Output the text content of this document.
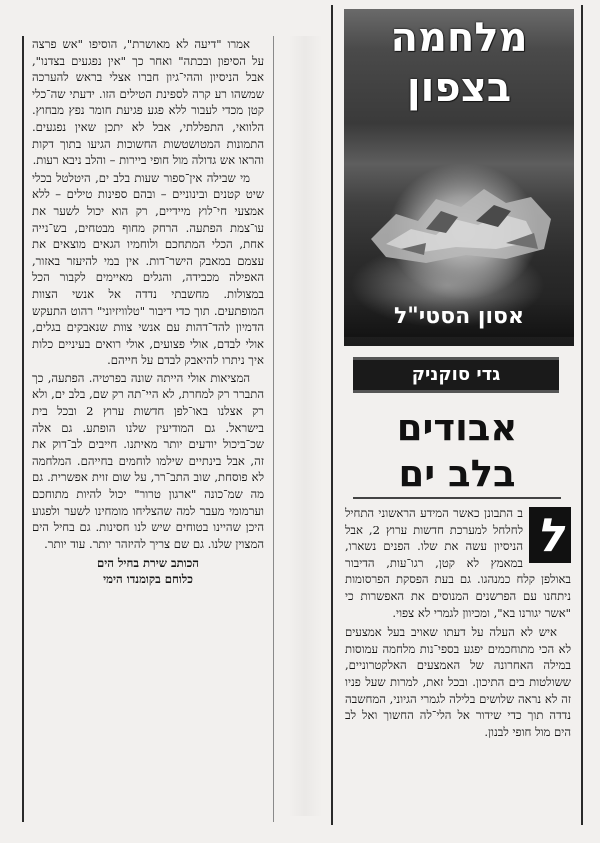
אמרו "דיעה לא מאושרת", הוסיפו "אש פרצה על הסיפון ובכתה" ואחר כך "אין נפגעים בצדנו", אבל הניסיון וההי־גיון חברו אצלי בראש להערכה שמשהו רע קרה לספינת הטילים הזו. ידעתי שה־כלי קטן מכדי לעבור ללא פגע פגיעת חומר נפץ מבחוץ. הלוואי, התפללתי, אבל לא יתכן שאין נפגעים. התמונות המטושטשות החשוכות הגיעו בתוך דקות והראו אש גדולה מול חופי ביירות – והלב ניבא רעות.

מי שבילה אין־ספור שעות בלב ים, היטלטל בכלי שיט קטנים ובינוניים – ובהם ספינות טילים – ללא אמצעי חי־לוץ מיידיים, רק הוא יכול לשער את עו־צמת הפתעה. הרחק מחוף מבטחים, בש־נייה אחת, הכלי המתחכם ולוחמיו הגאים מוצאים את עצמם במאבק הישר־דות. אין במי להיעזר באזור, האפילה מכבידה, והגלים מאיימים לקבור הכל במצולות. מחשבתי נדדה אל אנשי הצוות המופתעים. תוך כדי דיבור "טלוויזיוני" רהוט התעקש הדמיון להד־דהות עם אנשי צוות שנאבקים בגלים, אולי לבדם, אולי פצועים, אולי רואים בעיניים כלות איך ניתרו להיאבק לבדם על חייהם.

המציאות אולי הייתה שונה בפרטיה. הפתעה, כך התברר רק למחרת, לא היי־תה רק שם, בלב ים, ולא רק אצלנו באו־לפן חדשות ערוץ 2 ובכל בית בישראל. גם המודיעין שלנו הופתע. גם אלה שכ־ביכול יודעים יותר מאיתנו. חייבים לב־דוק את זה, אבל בינתיים שילמו לוחמים בחייהם. המלחמה לא פוסחת, שוב התב־רר, על שום זוית אפשרית. גם מה שמ־כונה "ארגון טרור" יכול להיות מתוחכם וערמומי מעבר למה שהצליחו מומחינו לשער ולפגוע היכן שהיינו בטוחים שיש לנו חסינות. גם בחיל הים המצוין שלנו. גם שם צריך להיזהר יותר. עוד יותר.

הכותב שירת בחיל הים
כלוחם בקומנדו הימי
מלחמה
בצפון
אסון הסטי"ל
גדי סוקניק
אבודים
בלב ים
ל

ב התבונן כאשר המידע הראשוני התחיל לחלחל למערכת חדשות ערוץ 2, אבל הניסיון עשה את שלו. הפנים נשארו, במאמץ לא קטן, רגו־עות, הדיבור באולפן קלח כמנהגו. גם בעת הפסקת הפרסומות ניתחנו עם הפרשנים המנוסים את האפשרות כי "אשר יגורנו בא", ומכיוון לגמרי לא צפוי.

איש לא העלה על דעתו שאויב בעל אמצעים לא הכי מתוחכמים יפגע בספי־נות מלחמה עמוסות במילה האחרונה של האמצעים האלקטרוניים, ששולטות בים התיכון. ובכל זאת, למרות שעל פניו זה לא נראה שלושים בלילה לגמרי הגיוני, המחשבה נדדה תוך כדי שידור אל הלי־לה החשוך ואל לב הים מול חופי לבנון.
